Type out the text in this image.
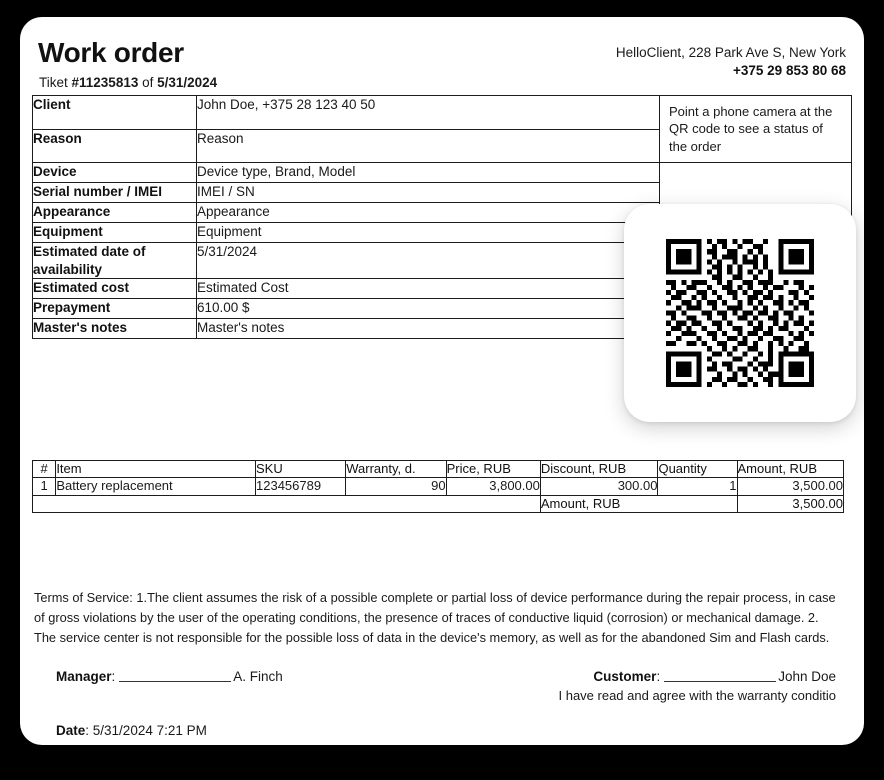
Work order
Tiket #11235813 of 5/31/2024
HelloClient, 228 Park Ave S, New York
+375 29 853 80 68
Client	John Doe, +375 28 123 40 50	Point a phone camera at the QR code to see a status of the order
Reason	Reason	
Device	Device type, Brand, Model	
Serial number / IMEI	IMEI / SN	
Appearance	Appearance	
Equipment	Equipment	
Estimated date of availability	5/31/2024	
Estimated cost	Estimated Cost	
Prepayment	610.00 $	
Master's notes	Master's notes	
#	Item	SKU	Warranty, d.	Price, RUB	Discount, RUB	Quantity	Amount, RUB
1	Battery replacement	123456789	90	3,800.00	300.00	1	3,500.00
					Amount, RUB		3,500.00
Terms of Service: 1.The client assumes the risk of a possible complete or partial loss of device performance during the repair process, in case of gross violations by the user of the operating conditions, the presence of traces of conductive liquid (corrosion) or mechanical damage. 2. The service center is not responsible for the possible loss of data in the device's memory, as well as for the abandoned Sim and Flash cards.
Manager:	A. Finch	Customer:	John Doe
I have read and agree with the warranty conditio
Date: 5/31/2024 7:21 PM
